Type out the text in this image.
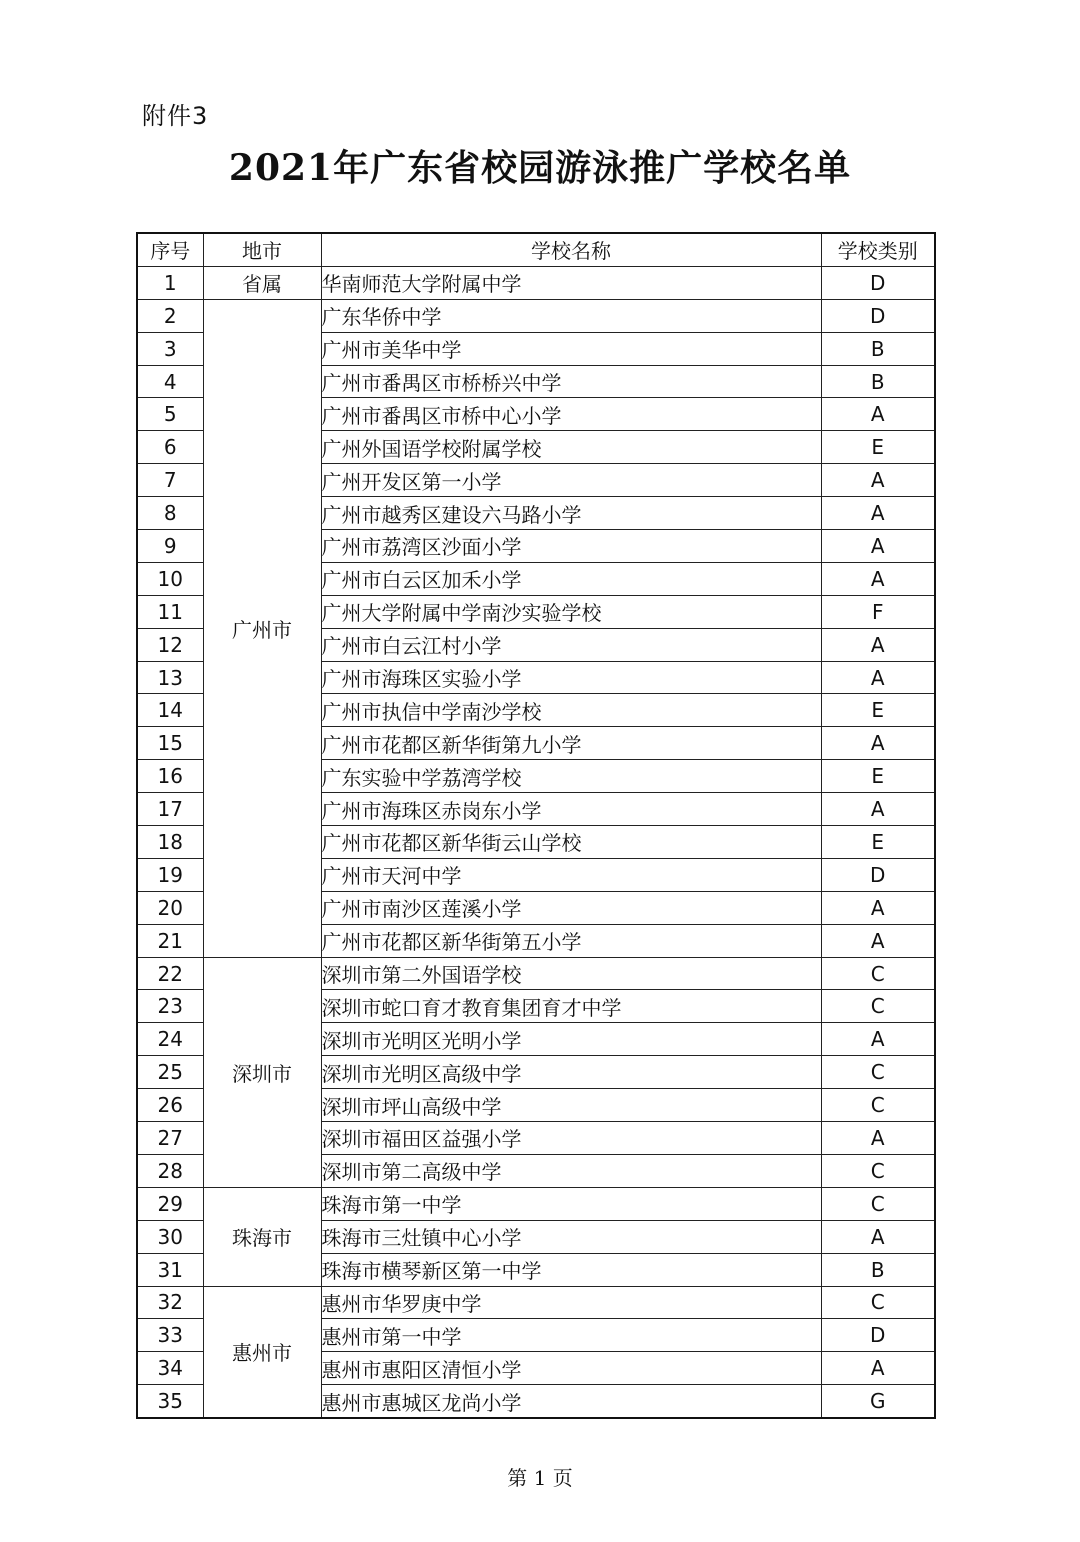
附件3
2021年广东省校园游泳推广学校名单
序号	地市	学校名称	学校类别
1	省属	华南师范大学附属中学	D
2	广州市	广东华侨中学	D
3		广州市美华中学	B
4		广州市番禺区市桥桥兴中学	B
5		广州市番禺区市桥中心小学	A
6		广州外国语学校附属学校	E
7		广州开发区第一小学	A
8		广州市越秀区建设六马路小学	A
9		广州市荔湾区沙面小学	A
10		广州市白云区加禾小学	A
11		广州大学附属中学南沙实验学校	F
12		广州市白云江村小学	A
13		广州市海珠区实验小学	A
14		广州市执信中学南沙学校	E
15		广州市花都区新华街第九小学	A
16		广东实验中学荔湾学校	E
17		广州市海珠区赤岗东小学	A
18		广州市花都区新华街云山学校	E
19		广州市天河中学	D
20		广州市南沙区莲溪小学	A
21		广州市花都区新华街第五小学	A
22	深圳市	深圳市第二外国语学校	C
23		深圳市蛇口育才教育集团育才中学	C
24		深圳市光明区光明小学	A
25		深圳市光明区高级中学	C
26		深圳市坪山高级中学	C
27		深圳市福田区益强小学	A
28		深圳市第二高级中学	C
29	珠海市	珠海市第一中学	C
30		珠海市三灶镇中心小学	A
31		珠海市横琴新区第一中学	B
32	惠州市	惠州市华罗庚中学	C
33		惠州市第一中学	D
34		惠州市惠阳区清恒小学	A
35		惠州市惠城区龙尚小学	G
第 1 页
